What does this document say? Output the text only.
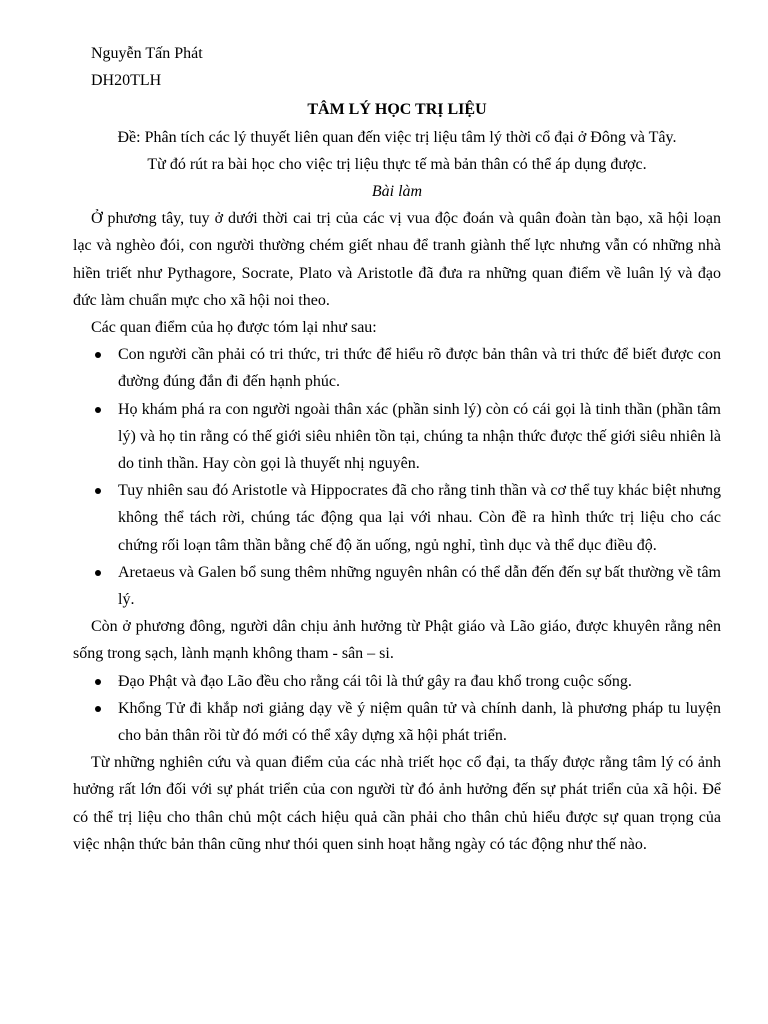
Nguyễn Tấn Phát

DH20TLH

TÂM LÝ HỌC TRỊ LIỆU

Đề: Phân tích các lý thuyết liên quan đến việc trị liệu tâm lý thời cổ đại ở Đông và Tây.

Từ đó rút ra bài học cho việc trị liệu thực tế mà bản thân có thể áp dụng được.

Bài làm

Ở phương tây, tuy ở dưới thời cai trị của các vị vua độc đoán và quân đoàn tàn bạo, xã hội loạn lạc và nghèo đói, con người thường chém giết nhau để tranh giành thế lực nhưng vẫn có những nhà hiền triết như Pythagore, Socrate, Plato và Aristotle đã đưa ra những quan điểm về luân lý và đạo đức làm chuẩn mực cho xã hội noi theo.

Các quan điểm của họ được tóm lại như sau:

Con người cần phải có tri thức, tri thức để hiểu rõ được bản thân và tri thức để biết được con đường đúng đắn đi đến hạnh phúc.
Họ khám phá ra con người ngoài thân xác (phần sinh lý) còn có cái gọi là tinh thần (phần tâm lý) và họ tin rằng có thế giới siêu nhiên tồn tại, chúng ta nhận thức được thế giới siêu nhiên là do tinh thần. Hay còn gọi là thuyết nhị nguyên.
Tuy nhiên sau đó Aristotle và Hippocrates đã cho rằng tinh thần và cơ thể tuy khác biệt nhưng không thể tách rời, chúng tác động qua lại với nhau. Còn đề ra hình thức trị liệu cho các chứng rối loạn tâm thần bằng chế độ ăn uống, ngủ nghỉ, tình dục và thể dục điều độ.
Aretaeus và Galen bổ sung thêm những nguyên nhân có thể dẫn đến đến sự bất thường về tâm lý.

Còn ở phương đông, người dân chịu ảnh hưởng từ Phật giáo và Lão giáo, được khuyên rằng nên sống trong sạch, lành mạnh không tham - sân – si.

Đạo Phật và đạo Lão đều cho rằng cái tôi là thứ gây ra đau khổ trong cuộc sống.
Khổng Tử đi khắp nơi giảng dạy về ý niệm quân tử và chính danh, là phương pháp tu luyện cho bản thân rồi từ đó mới có thể xây dựng xã hội phát triển.

Từ những nghiên cứu và quan điểm của các nhà triết học cổ đại, ta thấy được rằng tâm lý có ảnh hưởng rất lớn đối với sự phát triển của con người từ đó ảnh hưởng đến sự phát triển của xã hội. Để có thể trị liệu cho thân chủ một cách hiệu quả cần phải cho thân chủ hiểu được sự quan trọng của việc nhận thức bản thân cũng như thói quen sinh hoạt hằng ngày có tác động như thế nào.
